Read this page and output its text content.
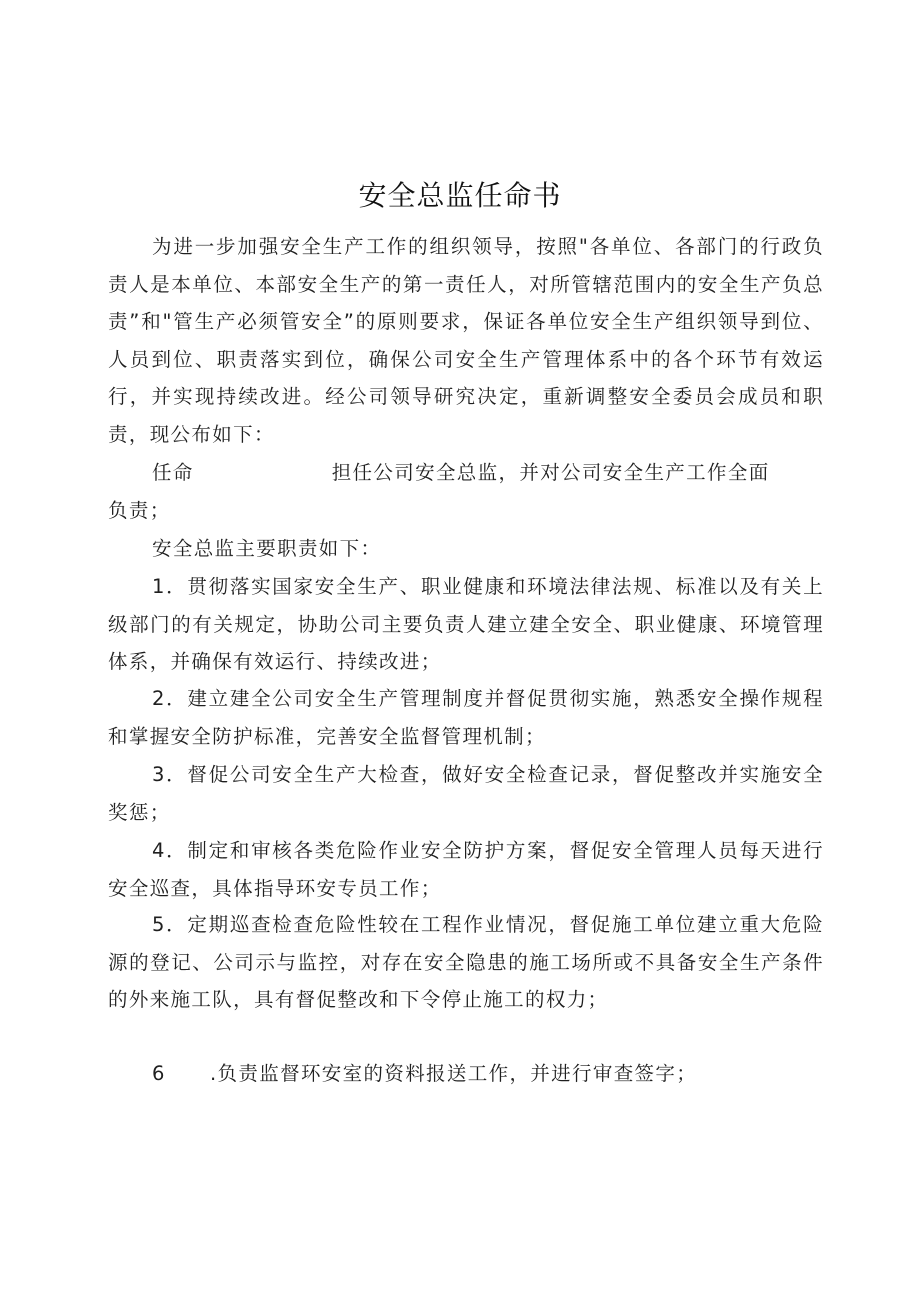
安全总监任命书

为进一步加强安全生产工作的组织领导，按照"各单位、各部门的行政负责人是本单位、本部安全生产的第一责任人，对所管辖范围内的安全生产负总责”和"管生产必须管安全”的原则要求，保证各单位安全生产组织领导到位、人员到位、职责落实到位，确保公司安全生产管理体系中的各个环节有效运行，并实现持续改进。经公司领导研究决定，重新调整安全委员会成员和职责，现公布如下：

任命	担任公司安全总监，并对公司安全生产工作全面
负责；

安全总监主要职责如下：

1．贯彻落实国家安全生产、职业健康和环境法律法规、标准以及有关上级部门的有关规定，协助公司主要负责人建立建全安全、职业健康、环境管理体系，并确保有效运行、持续改进；

2．建立建全公司安全生产管理制度并督促贯彻实施，熟悉安全操作规程和掌握安全防护标准，完善安全监督管理机制；

3．督促公司安全生产大检查，做好安全检查记录，督促整改并实施安全奖惩；

4．制定和审核各类危险作业安全防护方案，督促安全管理人员每天进行安全巡查，具体指导环安专员工作；

5．定期巡查检查危险性较在工程作业情况，督促施工单位建立重大危险源的登记、公司示与监控，对存在安全隐患的施工场所或不具备安全生产条件的外来施工队，具有督促整改和下令停止施工的权力；

6 .负责监督环安室的资料报送工作，并进行审查签字；
